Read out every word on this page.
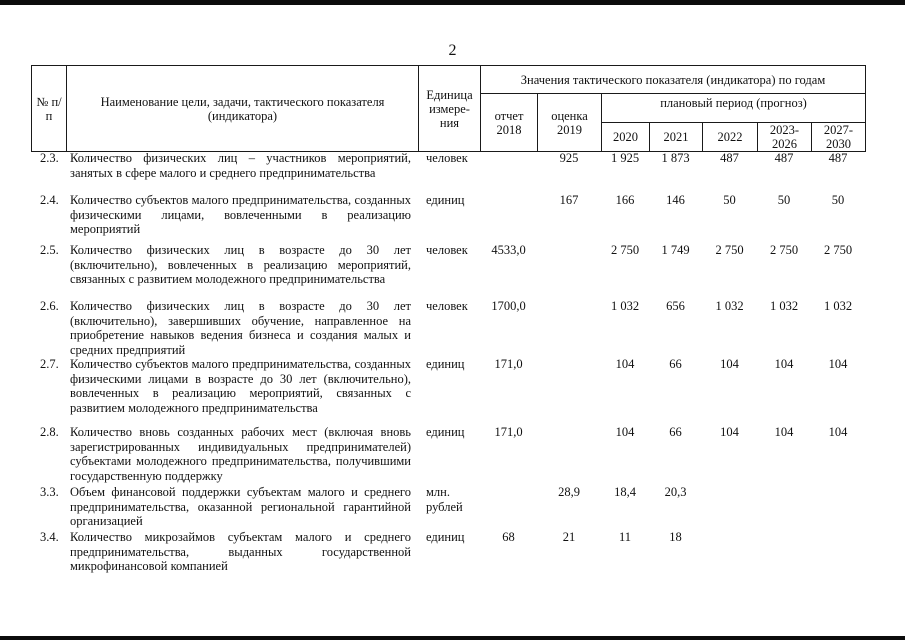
2
№ п/п	Наименование цели, задачи, тактического показателя (индикатора)	Единица измере-ния	Значения тактического показателя (индикатора) по годам						
			отчет 2018	оценка 2019	плановый период (прогноз)				
					2020	2021	2022	2023-2026	2027-2030
2.3.	Количество физических лиц – участников мероприятий, занятых в сфере малого и среднего предпринимательства	человек		925	1 925	1 873	487	487	487
2.4.	Количество субъектов малого предпринимательства, созданных физическими лицами, вовлеченными в реализацию мероприятий	единиц		167	166	146	50	50	50
2.5.	Количество физических лиц в возрасте до 30 лет (включительно), вовлеченных в реализацию мероприятий, связанных с развитием молодежного предпринимательства	человек	4533,0		2 750	1 749	2 750	2 750	2 750
2.6.	Количество физических лиц в возрасте до 30 лет (включительно), завершивших обучение, направленное на приобретение навыков ведения бизнеса и создания малых и средних предприятий	человек	1700,0		1 032	656	1 032	1 032	1 032
2.7.	Количество субъектов малого предпринимательства, созданных физическими лицами в возрасте до 30 лет (включительно), вовлеченных в реализацию мероприятий, связанных с развитием молодежного предпринимательства	единиц	171,0		104	66	104	104	104
2.8.	Количество вновь созданных рабочих мест (включая вновь зарегистрированных индивидуальных предпринимателей) субъектами молодежного предпринимательства, получившими государственную поддержку	единиц	171,0		104	66	104	104	104
3.3.	Объем финансовой поддержки субъектам малого и среднего предпринимательства, оказанной региональной гарантийной организацией	млн. рублей		28,9	18,4	20,3			
3.4.	Количество микрозаймов субъектам малого и среднего предпринимательства, выданных государственной микрофинансовой компанией	единиц	68	21	11	18			
